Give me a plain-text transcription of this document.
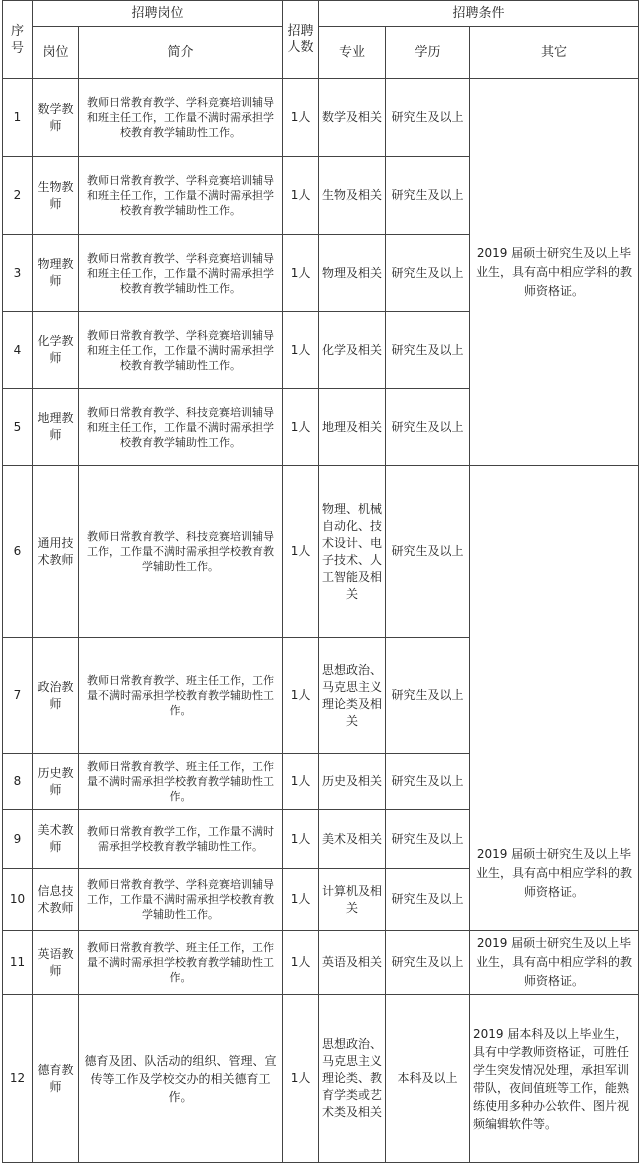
序号	招聘岗位		招聘人数	招聘条件		
	岗位	简介		专业	学历	其它
1	数学教师	教师日常教育教学、学科竞赛培训辅导和班主任工作，工作量不满时需承担学校教育教学辅助性工作。	1人	数学及相关	研究生及以上	2019 届硕士研究生及以上毕业生，具有高中相应学科的教师资格证。
2	生物教师	教师日常教育教学、学科竞赛培训辅导和班主任工作，工作量不满时需承担学校教育教学辅助性工作。	1人	生物及相关	研究生及以上	
3	物理教师	教师日常教育教学、学科竞赛培训辅导和班主任工作，工作量不满时需承担学校教育教学辅助性工作。	1人	物理及相关	研究生及以上	
4	化学教师	教师日常教育教学、学科竞赛培训辅导和班主任工作，工作量不满时需承担学校教育教学辅助性工作。	1人	化学及相关	研究生及以上	
5	地理教师	教师日常教育教学、科技竞赛培训辅导和班主任工作，工作量不满时需承担学校教育教学辅助性工作。	1人	地理及相关	研究生及以上	
6	通用技术教师	教师日常教育教学、科技竞赛培训辅导工作，工作量不满时需承担学校教育教学辅助性工作。	1人	物理、机械自动化、技术设计、电子技术、人工智能及相关	研究生及以上	2019 届硕士研究生及以上毕业生，具有高中相应学科的教师资格证。
7	政治教师	教师日常教育教学、班主任工作，工作量不满时需承担学校教育教学辅助性工作。	1人	思想政治、马克思主义理论类及相关	研究生及以上	
8	历史教师	教师日常教育教学、班主任工作，工作量不满时需承担学校教育教学辅助性工作。	1人	历史及相关	研究生及以上	
9	美术教师	教师日常教育教学工作，工作量不满时需承担学校教育教学辅助性工作。	1人	美术及相关	研究生及以上	
10	信息技术教师	教师日常教育教学、学科竞赛培训辅导工作，工作量不满时需承担学校教育教学辅助性工作。	1人	计算机及相关	研究生及以上	
11	英语教师	教师日常教育教学、班主任工作，工作量不满时需承担学校教育教学辅助性工作。	1人	英语及相关	研究生及以上	2019 届硕士研究生及以上毕业生，具有高中相应学科的教师资格证。
12	德育教师	德育及团、队活动的组织、管理、宣传等工作及学校交办的相关德育工作。	1人	思想政治、马克思主义理论类、教育学类或艺术类及相关	本科及以上	2019 届本科及以上毕业生，具有中学教师资格证，可胜任学生突发情况处理，承担军训带队，夜间值班等工作，能熟练使用多种办公软件、图片视频编辑软件等。
